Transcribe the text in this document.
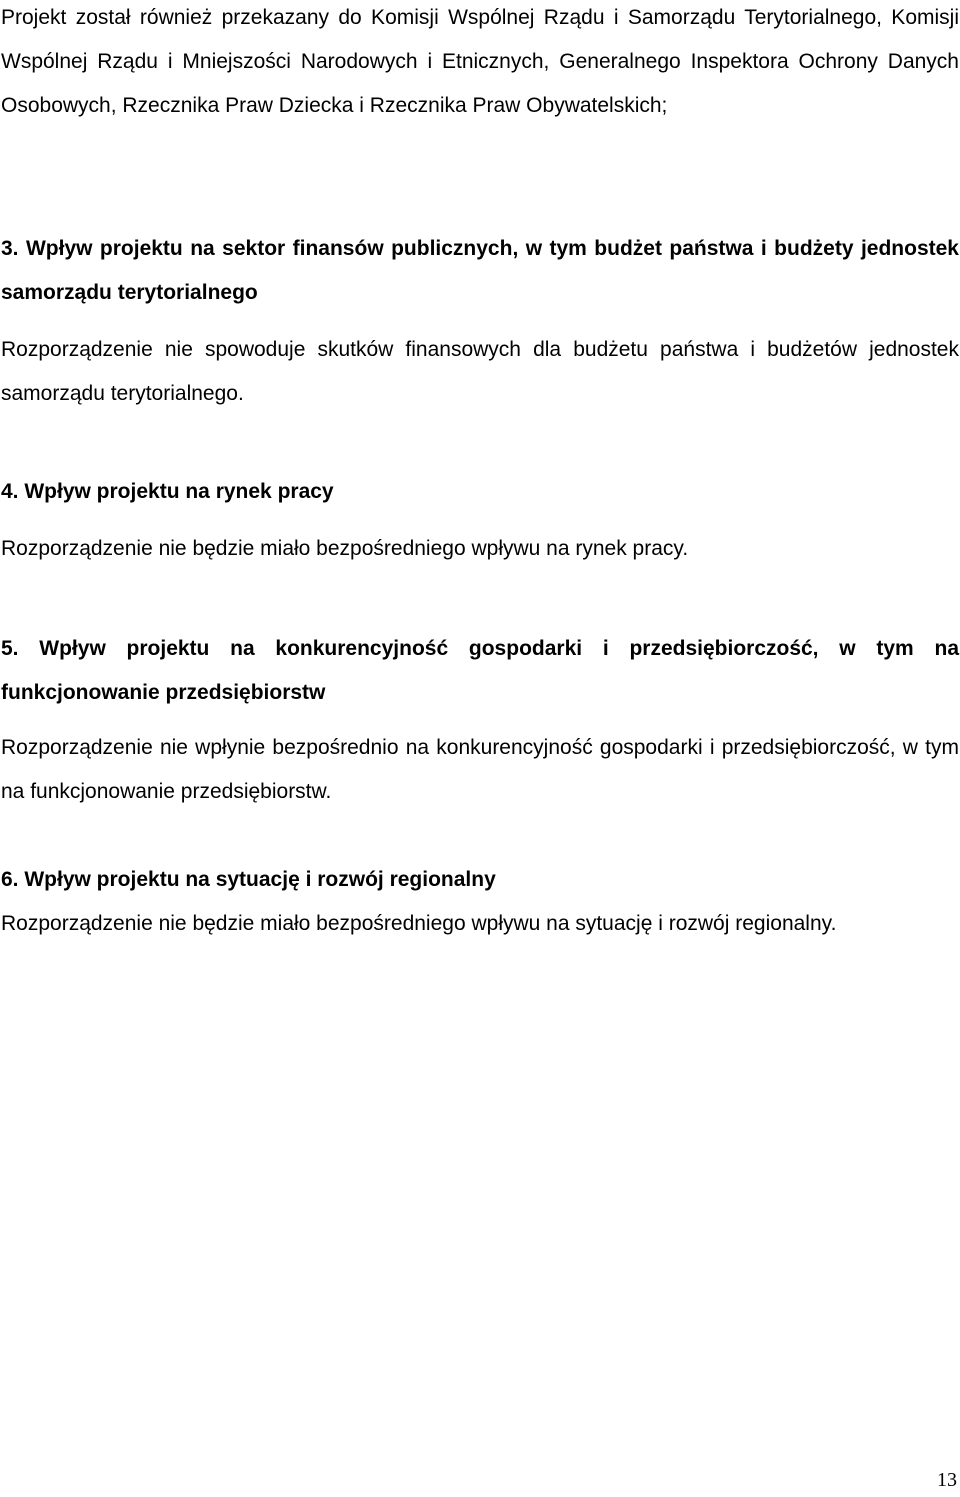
Projekt został również przekazany do Komisji Wspólnej Rządu i Samorządu Terytorialnego, Komisji Wspólnej Rządu i Mniejszości Narodowych i Etnicznych, Generalnego Inspektora Ochrony Danych Osobowych, Rzecznika Praw Dziecka i Rzecznika Praw Obywatelskich;

3. Wpływ projektu na sektor finansów publicznych, w tym budżet państwa i budżety jednostek samorządu terytorialnego

Rozporządzenie nie spowoduje skutków finansowych dla budżetu państwa i budżetów jednostek samorządu terytorialnego.

4. Wpływ projektu na rynek pracy

Rozporządzenie nie będzie miało bezpośredniego wpływu na rynek pracy.

5. Wpływ projektu na konkurencyjność gospodarki i przedsiębiorczość, w tym na funkcjonowanie przedsiębiorstw

Rozporządzenie nie wpłynie bezpośrednio na konkurencyjność gospodarki i przedsiębiorczość, w tym na funkcjonowanie przedsiębiorstw.

6. Wpływ projektu na sytuację i rozwój regionalny

Rozporządzenie nie będzie miało bezpośredniego wpływu na sytuację i rozwój regionalny.

13
